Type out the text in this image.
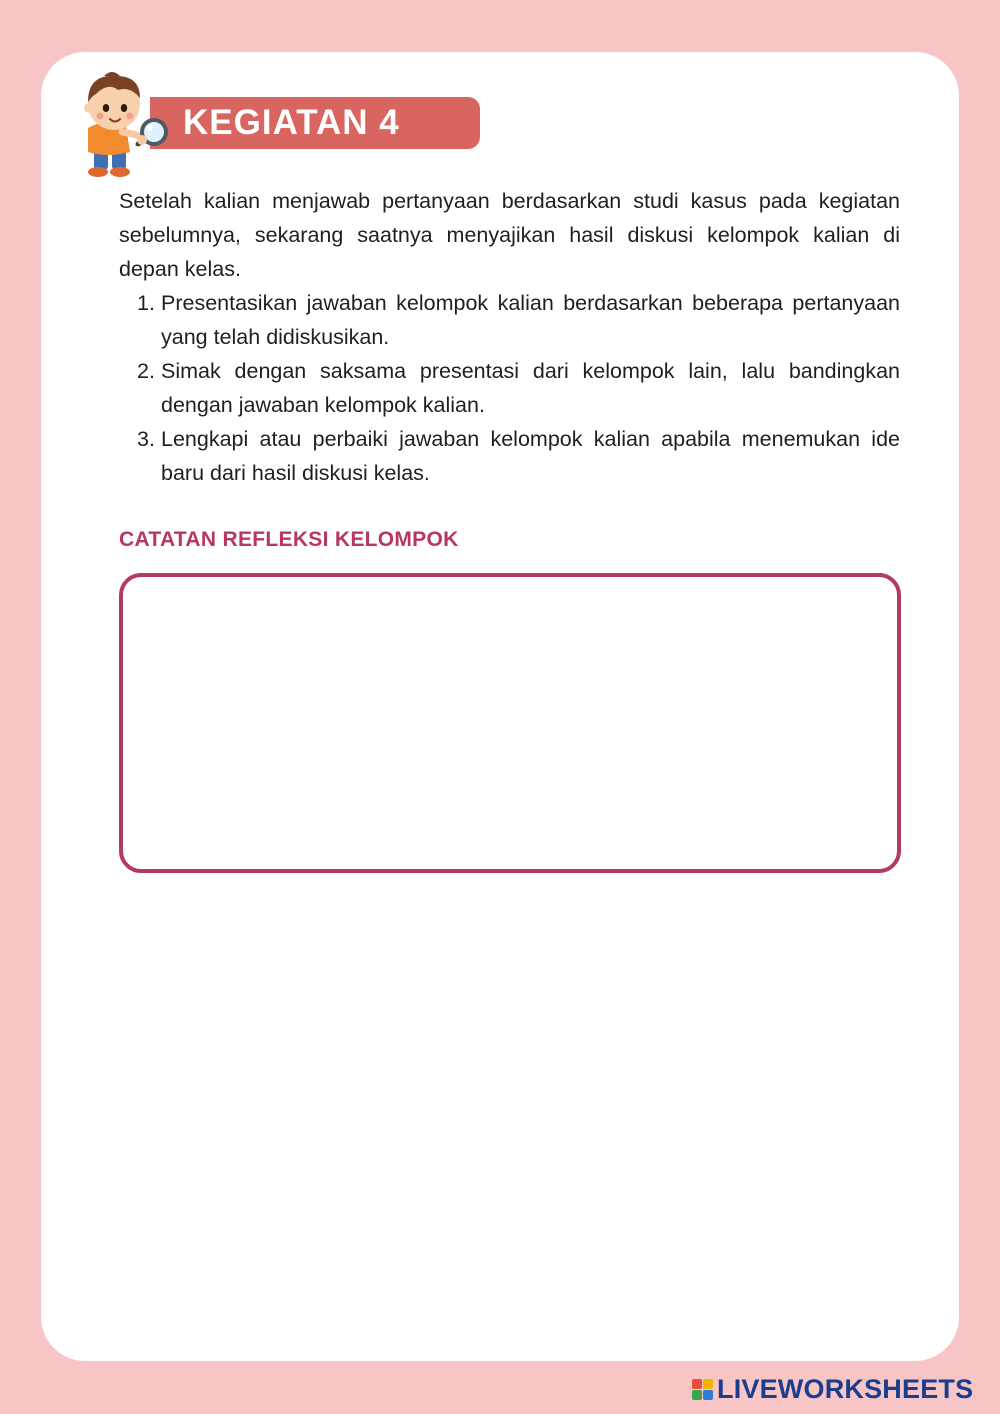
KEGIATAN 4

Setelah kalian menjawab pertanyaan berdasarkan studi kasus pada kegiatan sebelumnya, sekarang saatnya menyajikan hasil diskusi kelompok kalian di depan kelas.

1. Presentasikan jawaban kelompok kalian berdasarkan beberapa pertanyaan yang telah didiskusikan.
2. Simak dengan saksama presentasi dari kelompok lain, lalu bandingkan dengan jawaban kelompok kalian.
3. Lengkapi atau perbaiki jawaban kelompok kalian apabila menemukan ide baru dari hasil diskusi kelas.
CATATAN REFLEKSI KELOMPOK
LIVEWORKSHEETS
